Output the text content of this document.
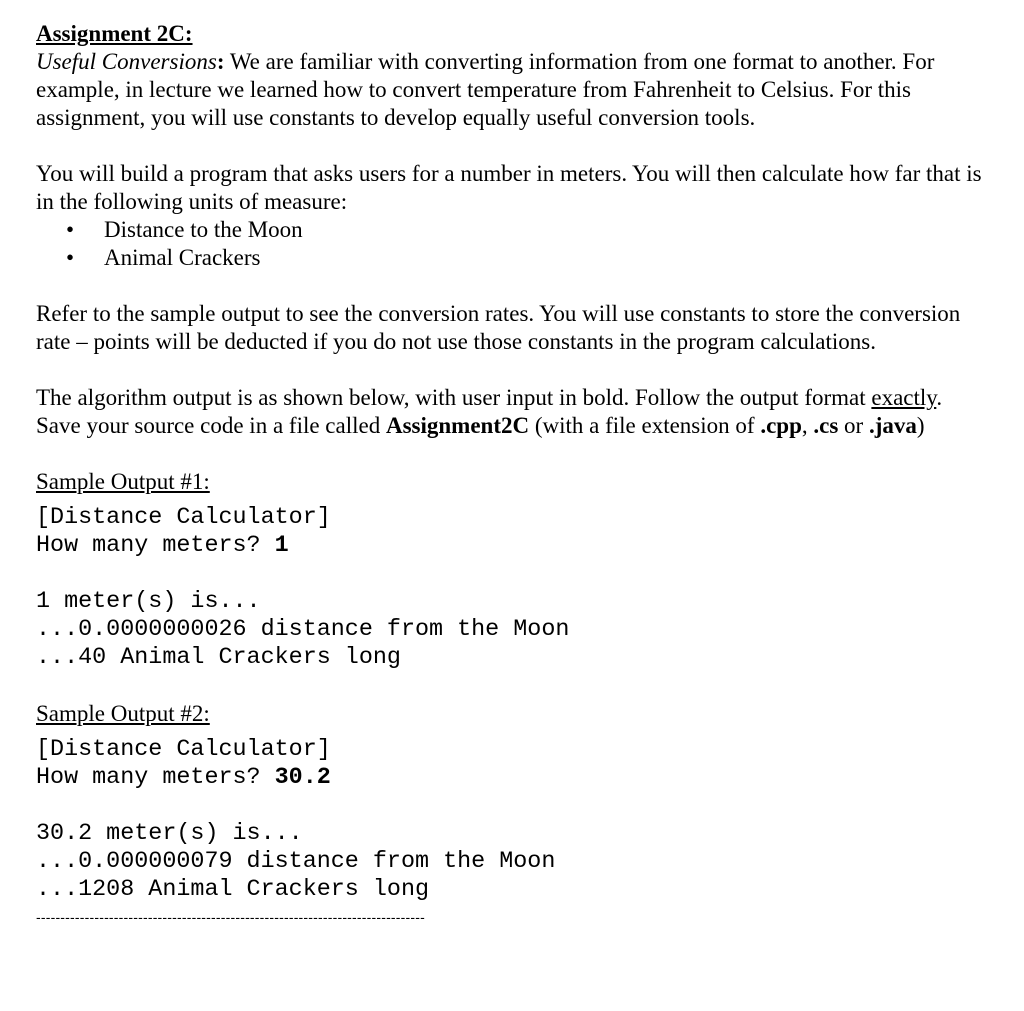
Assignment 2C:
Useful Conversions: We are familiar with converting information from one format to another. For example, in lecture we learned how to convert temperature from Fahrenheit to Celsius. For this assignment, you will use constants to develop equally useful conversion tools.

You will build a program that asks users for a number in meters. You will then calculate how far that is in the following units of measure:

• Distance to the Moon
• Animal Crackers

Refer to the sample output to see the conversion rates. You will use constants to store the conversion rate – points will be deducted if you do not use those constants in the program calculations.

The algorithm output is as shown below, with user input in bold. Follow the output format exactly. Save your source code in a file called Assignment2C (with a file extension of .cpp, .cs or .java)

Sample Output #1:

[Distance Calculator]

How many meters? 1

1 meter(s) is...

...0.0000000026 distance from the Moon

...40 Animal Crackers long

Sample Output #2:

[Distance Calculator]

How many meters? 30.2

30.2 meter(s) is...

...0.000000079 distance from the Moon

...1208 Animal Crackers long

--------------------------------------------------------------------------------
